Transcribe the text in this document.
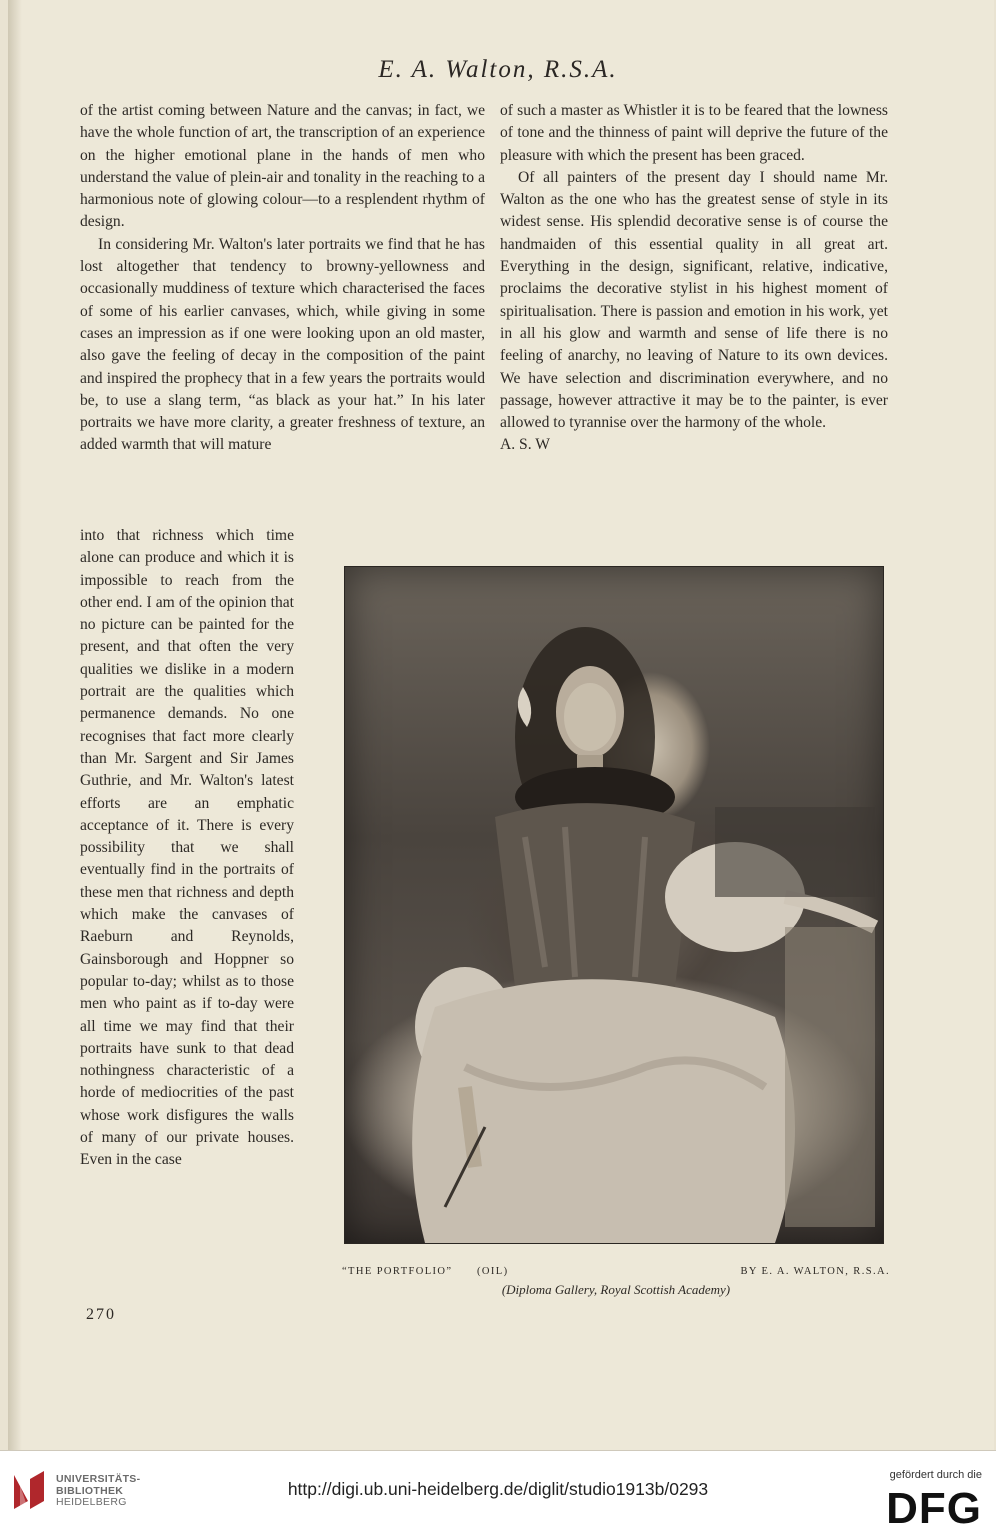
E. A. Walton, R.S.A.

of the artist coming between Nature and the canvas; in fact, we have the whole function of art, the transcription of an experience on the higher emotional plane in the hands of men who understand the value of plein-air and tonality in the reaching to a harmonious note of glowing colour—to a resplendent rhythm of design.

In considering Mr. Walton's later portraits we find that he has lost altogether that tendency to browny-yellowness and occasionally muddiness of texture which characterised the faces of some of his earlier canvases, which, while giving in some cases an impression as if one were looking upon an old master, also gave the feeling of decay in the composition of the paint and inspired the prophecy that in a few years the portraits would be, to use a slang term, “as black as your hat.” In his later portraits we have more clarity, a greater freshness of texture, an added warmth that will mature

into that richness which time alone can produce and which it is impossible to reach from the other end. I am of the opinion that no picture can be painted for the present, and that often the very qualities we dislike in a modern portrait are the qualities which permanence demands. No one recognises that fact more clearly than Mr. Sargent and Sir James Guthrie, and Mr. Walton's latest efforts are an emphatic acceptance of it. There is every possibility that we shall eventually find in the portraits of these men that richness and depth which make the canvases of Raeburn and Reynolds, Gainsborough and Hoppner so popular to-day; whilst as to those men who paint as if to-day were all time we may find that their portraits have sunk to that dead nothingness characteristic of a horde of mediocrities of the past whose work disfigures the walls of many of our private houses. Even in the case

of such a master as Whistler it is to be feared that the lowness of tone and the thinness of paint will deprive the future of the pleasure with which the present has been graced.

Of all painters of the present day I should name Mr. Walton as the one who has the greatest sense of style in its widest sense. His splendid decorative sense is of course the handmaiden of this essential quality in all great art. Everything in the design, significant, relative, indicative, proclaims the decorative stylist in his highest moment of spiritualisation. There is passion and emotion in his work, yet in all his glow and warmth and sense of life there is no feeling of anarchy, no leaving of Nature to its own devices. We have selection and discrimination everywhere, and no passage, however attractive it may be to the painter, is ever allowed to tyrannise over the harmony of the whole.

A. S. W

“THE PORTFOLIO” (OIL)	BY E. A. WALTON, R.S.A.
(Diploma Gallery, Royal Scottish Academy)
270
UNIVERSITÄTS-
BIBLIOTHEK
HEIDELBERG
http://digi.ub.uni-heidelberg.de/diglit/studio1913b/0293
gefördert durch die
DFG
